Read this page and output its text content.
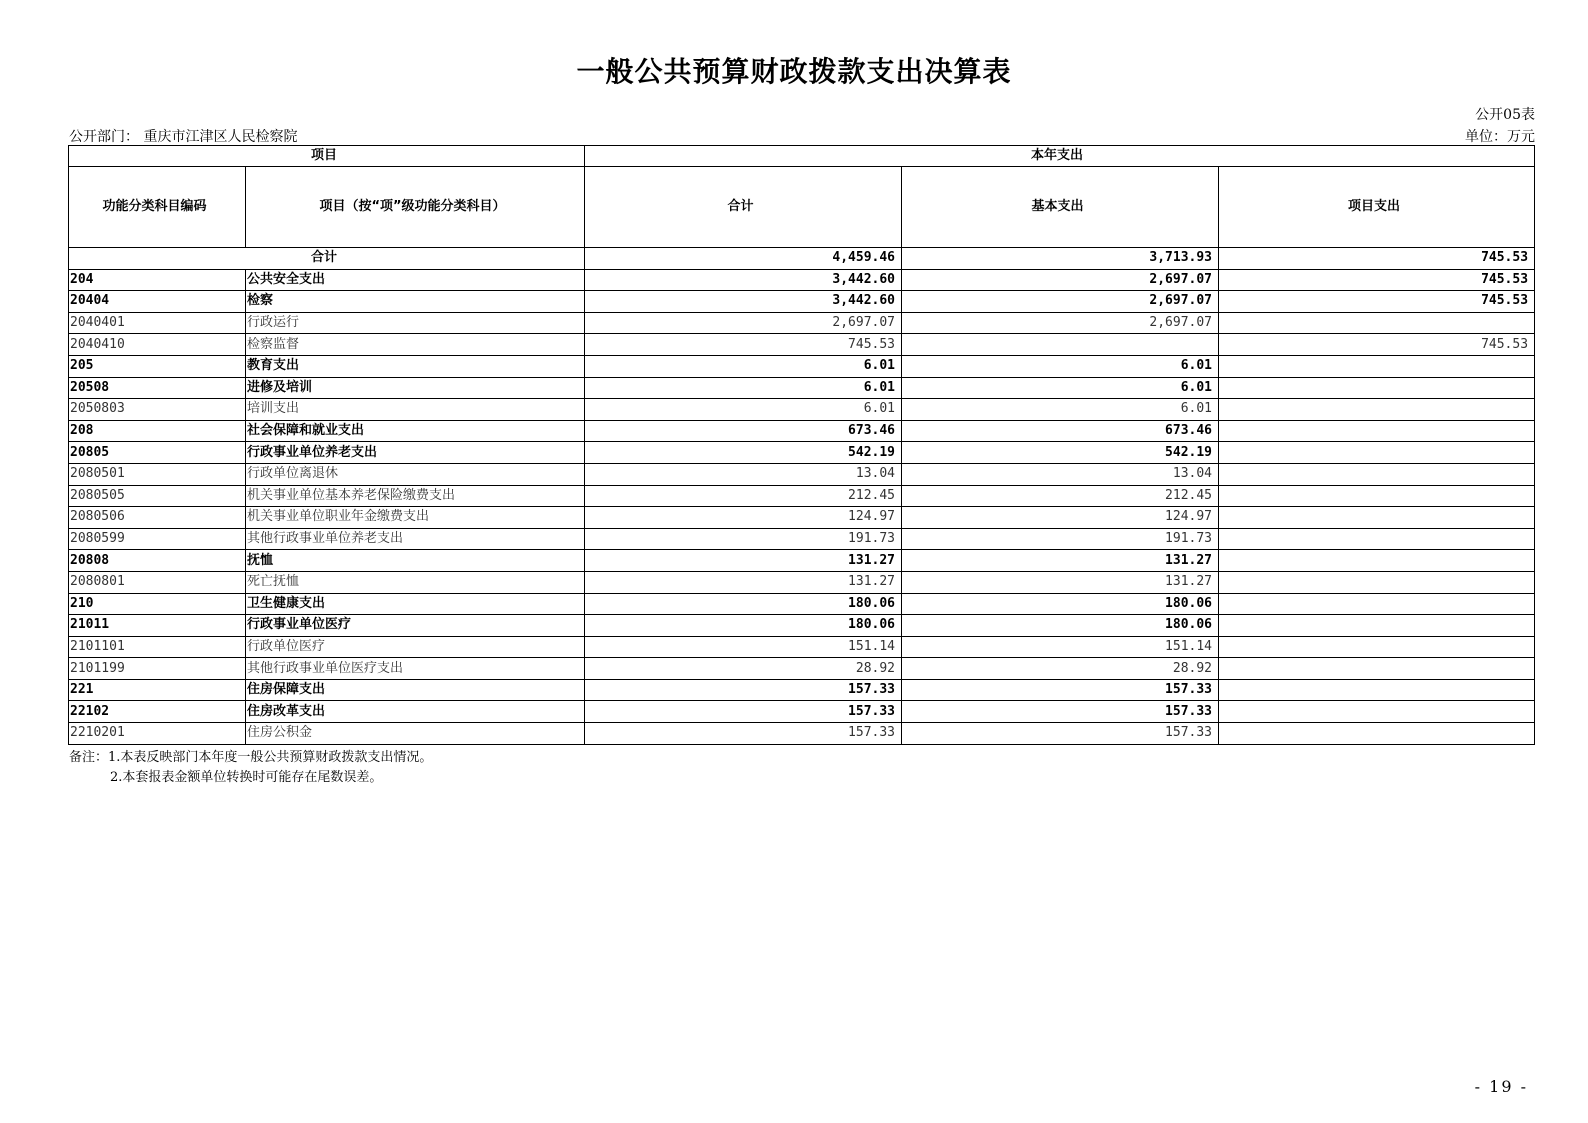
一般公共预算财政拨款支出决算表
公开05表
公开部门： 重庆市江津区人民检察院	单位：万元
项目		本年支出		
功能分类科目编码	项目（按“项”级功能分类科目）	合计	基本支出	项目支出
合计		4,459.46	3,713.93	745.53
204	公共安全支出	3,442.60	2,697.07	745.53
20404	检察	3,442.60	2,697.07	745.53
2040401	行政运行	2,697.07	2,697.07	
2040410	检察监督	745.53		745.53
205	教育支出	6.01	6.01	
20508	进修及培训	6.01	6.01	
2050803	培训支出	6.01	6.01	
208	社会保障和就业支出	673.46	673.46	
20805	行政事业单位养老支出	542.19	542.19	
2080501	行政单位离退休	13.04	13.04	
2080505	机关事业单位基本养老保险缴费支出	212.45	212.45	
2080506	机关事业单位职业年金缴费支出	124.97	124.97	
2080599	其他行政事业单位养老支出	191.73	191.73	
20808	抚恤	131.27	131.27	
2080801	死亡抚恤	131.27	131.27	
210	卫生健康支出	180.06	180.06	
21011	行政事业单位医疗	180.06	180.06	
2101101	行政单位医疗	151.14	151.14	
2101199	其他行政事业单位医疗支出	28.92	28.92	
221	住房保障支出	157.33	157.33	
22102	住房改革支出	157.33	157.33	
2210201	住房公积金	157.33	157.33	
备注：1.本表反映部门本年度一般公共预算财政拨款支出情况。
2.本套报表金额单位转换时可能存在尾数误差。
- 19 -
